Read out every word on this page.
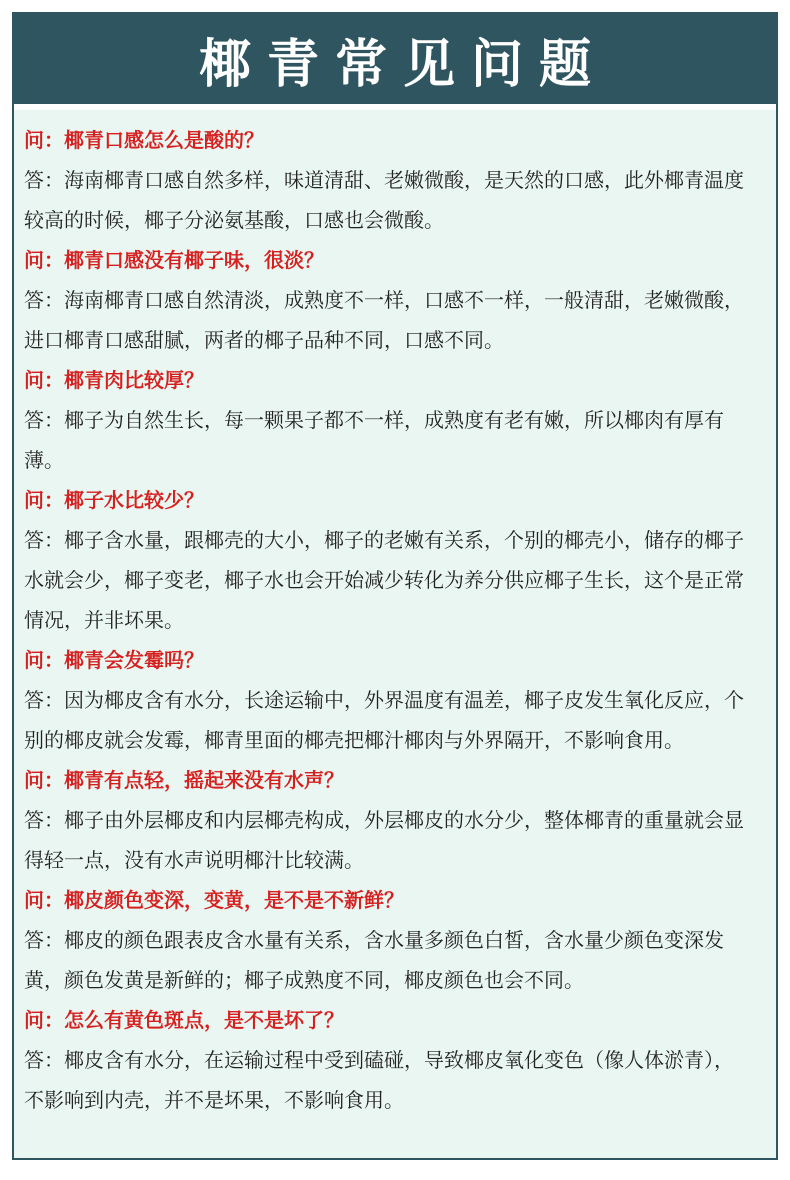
椰青常见问题

问：椰青口感怎么是酸的？

答：海南椰青口感自然多样，味道清甜、老嫩微酸，是天然的口感，此外椰青温度较高的时候，椰子分泌氨基酸，口感也会微酸。

问：椰青口感没有椰子味，很淡？

答：海南椰青口感自然清淡，成熟度不一样，口感不一样，一般清甜，老嫩微酸，进口椰青口感甜腻，两者的椰子品种不同，口感不同。

问：椰青肉比较厚？

答：椰子为自然生长，每一颗果子都不一样，成熟度有老有嫩，所以椰肉有厚有薄。

问：椰子水比较少？

答：椰子含水量，跟椰壳的大小，椰子的老嫩有关系，个别的椰壳小，储存的椰子水就会少，椰子变老，椰子水也会开始减少转化为养分供应椰子生长，这个是正常情况，并非坏果。

问：椰青会发霉吗？

答：因为椰皮含有水分，长途运输中，外界温度有温差，椰子皮发生氧化反应，个别的椰皮就会发霉，椰青里面的椰壳把椰汁椰肉与外界隔开，不影响食用。

问：椰青有点轻，摇起来没有水声？

答：椰子由外层椰皮和内层椰壳构成，外层椰皮的水分少，整体椰青的重量就会显得轻一点，没有水声说明椰汁比较满。

问：椰皮颜色变深，变黄，是不是不新鲜？

答：椰皮的颜色跟表皮含水量有关系，含水量多颜色白皙，含水量少颜色变深发黄，颜色发黄是新鲜的；椰子成熟度不同，椰皮颜色也会不同。

问：怎么有黄色斑点，是不是坏了？

答：椰皮含有水分，在运输过程中受到磕碰，导致椰皮氧化变色（像人体淤青），不影响到内壳，并不是坏果，不影响食用。
